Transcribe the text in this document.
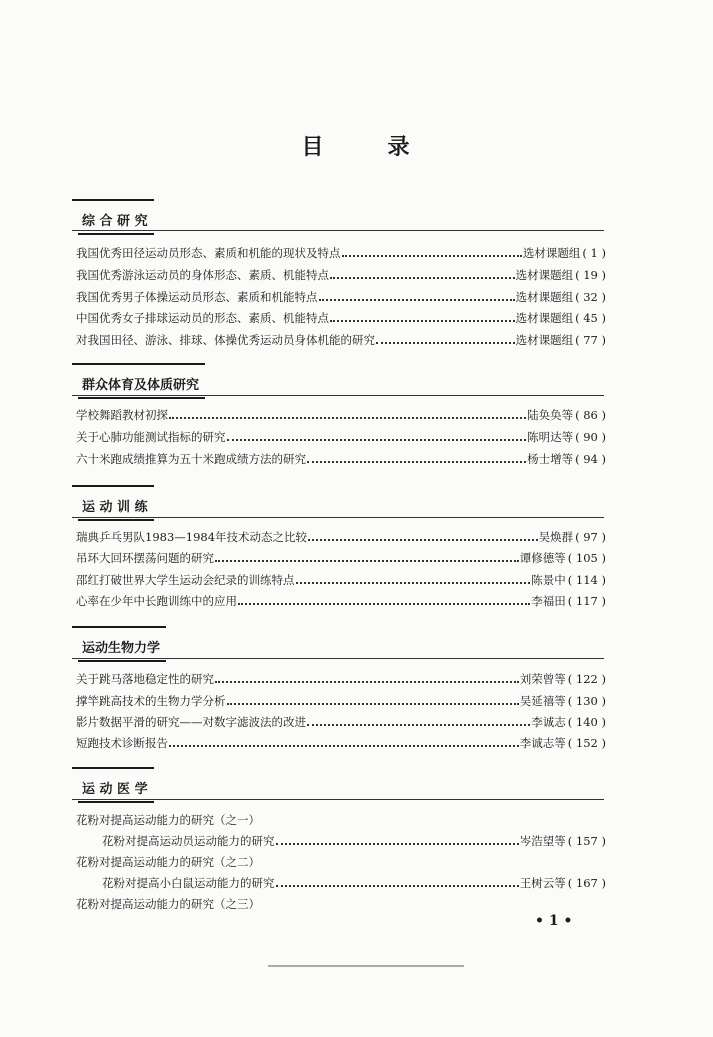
目	录
综 合 研 究
我国优秀田径运动员形态、素质和机能的现状及特点	选材课题组 ( 1 )
我国优秀游泳运动员的身体形态、素质、机能特点	选材课题组 ( 19 )
我国优秀男子体操运动员形态、素质和机能特点	选材课题组 ( 32 )
中国优秀女子排球运动员的形态、素质、机能特点	选材课题组 ( 45 )
对我国田径、游泳、排球、体操优秀运动员身体机能的研究	选材课题组 ( 77 )
群众体育及体质研究
学校舞蹈教材初探	陆奂奂等 ( 86 )
关于心肺功能测试指标的研究	陈明达等 ( 90 )
六十米跑成绩推算为五十米跑成绩方法的研究	杨士增等 ( 94 )
运 动 训 练
瑞典乒乓男队1983—1984年技术动态之比较	吴焕群 ( 97 )
吊环大回环摆荡问题的研究	谭修德等 ( 105 )
邵红打破世界大学生运动会纪录的训练特点	陈景中 ( 114 )
心率在少年中长跑训练中的应用	李福田 ( 117 )
运动生物力学
关于跳马落地稳定性的研究	刘荣曾等 ( 122 )
撑竿跳高技术的生物力学分析	吴延禧等 ( 130 )
影片数据平滑的研究——对数字滤波法的改进	李诚志 ( 140 )
短跑技术诊断报告	李诚志等 ( 152 )
运 动 医 学
花粉对提高运动能力的研究（之一）
花粉对提高运动员运动能力的研究	岑浩望等 ( 157 )
花粉对提高运动能力的研究（之二）
花粉对提高小白鼠运动能力的研究	王树云等 ( 167 )
花粉对提高运动能力的研究（之三）
• 1 •
